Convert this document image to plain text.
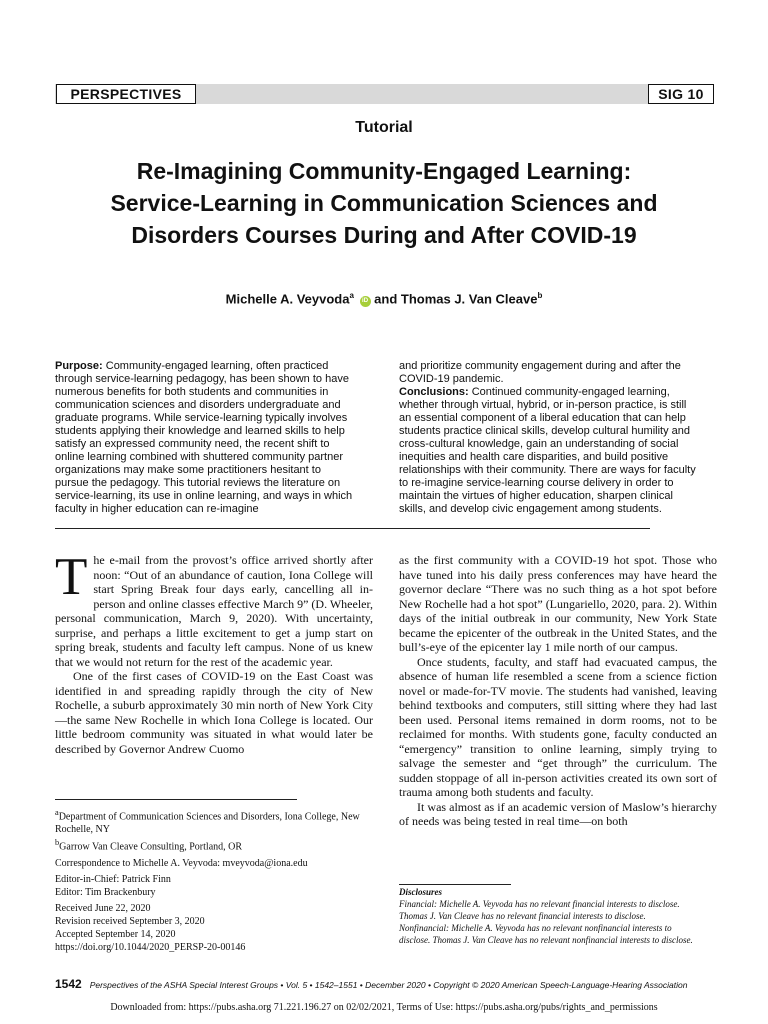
PERSPECTIVES	SIG 10
Tutorial
Re-Imagining Community-Engaged Learning: Service-Learning in Communication Sciences and Disorders Courses During and After COVID-19
Michelle A. Veyvoda$^a$ iD and Thomas J. Van Cleave$^b$
Purpose: Community-engaged learning, often practiced through service-learning pedagogy, has been shown to have numerous benefits for both students and communities in communication sciences and disorders undergraduate and graduate programs. While service-learning typically involves students applying their knowledge and learned skills to help satisfy an expressed community need, the recent shift to online learning combined with shuttered community partner organizations may make some practitioners hesitant to pursue the pedagogy. This tutorial reviews the literature on service-learning, its use in online learning, and ways in which faculty in higher education can re-imagine
and prioritize community engagement during and after the COVID-19 pandemic.
Conclusions: Continued community-engaged learning, whether through virtual, hybrid, or in-person practice, is still an essential component of a liberal education that can help students practice clinical skills, develop cultural humility and cross-cultural knowledge, gain an understanding of social inequities and health care disparities, and build positive relationships with their community. There are ways for faculty to re-imagine service-learning course delivery in order to maintain the virtues of higher education, sharpen clinical skills, and develop civic engagement among students.

The e-mail from the provost’s office arrived shortly after noon: “Out of an abundance of caution, Iona College will start Spring Break four days early, cancelling all in-person and online classes effective March 9” (D. Wheeler, personal communication, March 9, 2020). With uncertainty, surprise, and perhaps a little excitement to get a jump start on spring break, students and faculty left campus. None of us knew that we would not return for the rest of the academic year.

One of the first cases of COVID-19 on the East Coast was identified in and spreading rapidly through the city of New Rochelle, a suburb approximately 30 min north of New York City—the same New Rochelle in which Iona College is located. Our little bedroom community was situated in what would later be described by Governor Andrew Cuomo

as the first community with a COVID-19 hot spot. Those who have tuned into his daily press conferences may have heard the governor declare “There was no such thing as a hot spot before New Rochelle had a hot spot” (Lungariello, 2020, para. 2). Within days of the initial outbreak in our community, New York State became the epicenter of the outbreak in the United States, and the bull’s-eye of the epicenter lay 1 mile north of our campus.

Once students, faculty, and staff had evacuated campus, the absence of human life resembled a scene from a science fiction novel or made-for-TV movie. The students had vanished, leaving behind textbooks and computers, still sitting where they had last been used. Personal items remained in dorm rooms, not to be reclaimed for months. With students gone, faculty conducted an “emergency” transition to online learning, simply trying to salvage the semester and “get through” the curriculum. The sudden stoppage of all in-person activities created its own sort of trauma among both students and faculty.

It was almost as if an academic version of Maslow’s hierarchy of needs was being tested in real time—on both

$^a$Department of Communication Sciences and Disorders, Iona College, New Rochelle, NY
$^b$Garrow Van Cleave Consulting, Portland, OR
Correspondence to Michelle A. Veyvoda: mveyvoda@iona.edu
Editor-in-Chief: Patrick Finn
Editor: Tim Brackenbury
Received June 22, 2020
Revision received September 3, 2020
Accepted September 14, 2020
https://doi.org/10.1044/2020_PERSP-20-00146
Disclosures
Financial: Michelle A. Veyvoda has no relevant financial interests to disclose.
Thomas J. Van Cleave has no relevant financial interests to disclose.
Nonfinancial: Michelle A. Veyvoda has no relevant nonfinancial interests to
disclose. Thomas J. Van Cleave has no relevant nonfinancial interests to disclose.
1542 Perspectives of the ASHA Special Interest Groups • Vol. 5 • 1542–1551 • December 2020 • Copyright © 2020 American Speech-Language-Hearing Association
Downloaded from: https://pubs.asha.org 71.221.196.27 on 02/02/2021, Terms of Use: https://pubs.asha.org/pubs/rights_and_permissions
